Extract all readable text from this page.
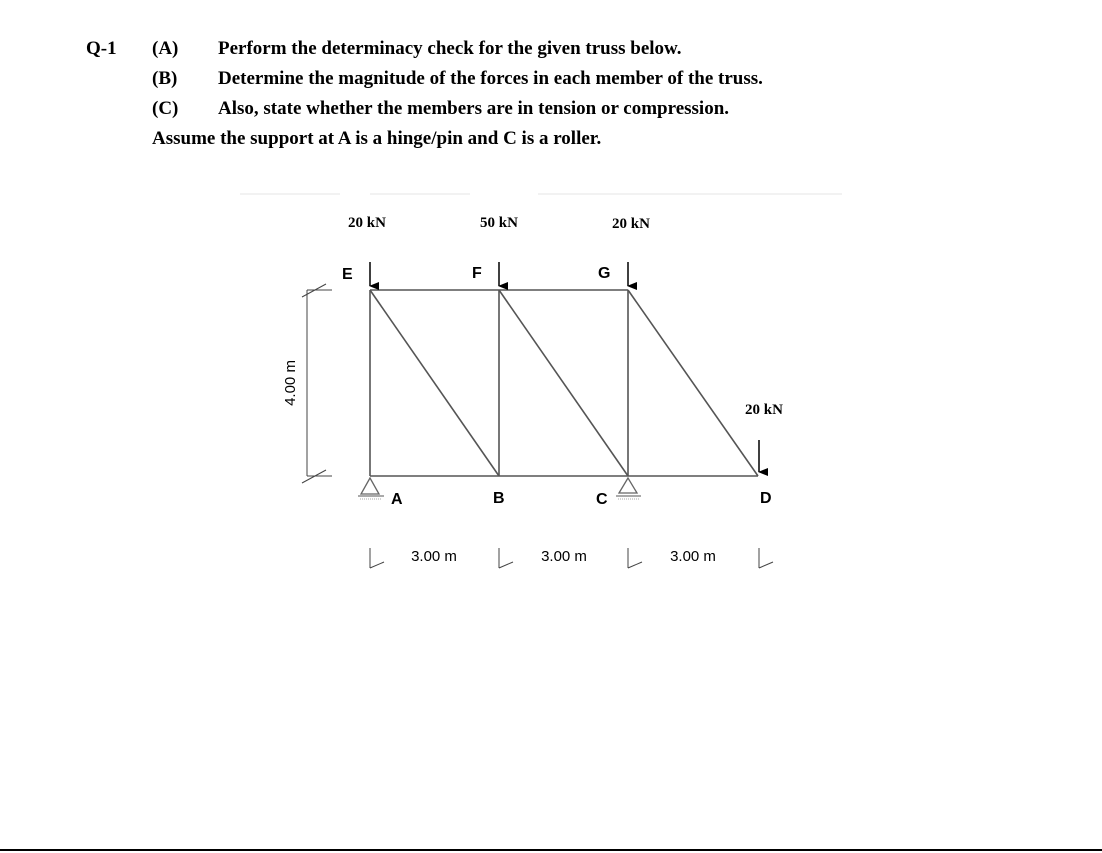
Q-1 (A) Perform the determinacy check for the given truss below.
(B) Determine the magnitude of the forces in each member of the truss.
(C) Also, state whether the members are in tension or compression.
Assume the support at A is a hinge/pin and C is a roller.
20 kN	50 kN	20 kN
20 kN
E	F	G
A	B	C	D
4.00 m
3.00 m	3.00 m	3.00 m
